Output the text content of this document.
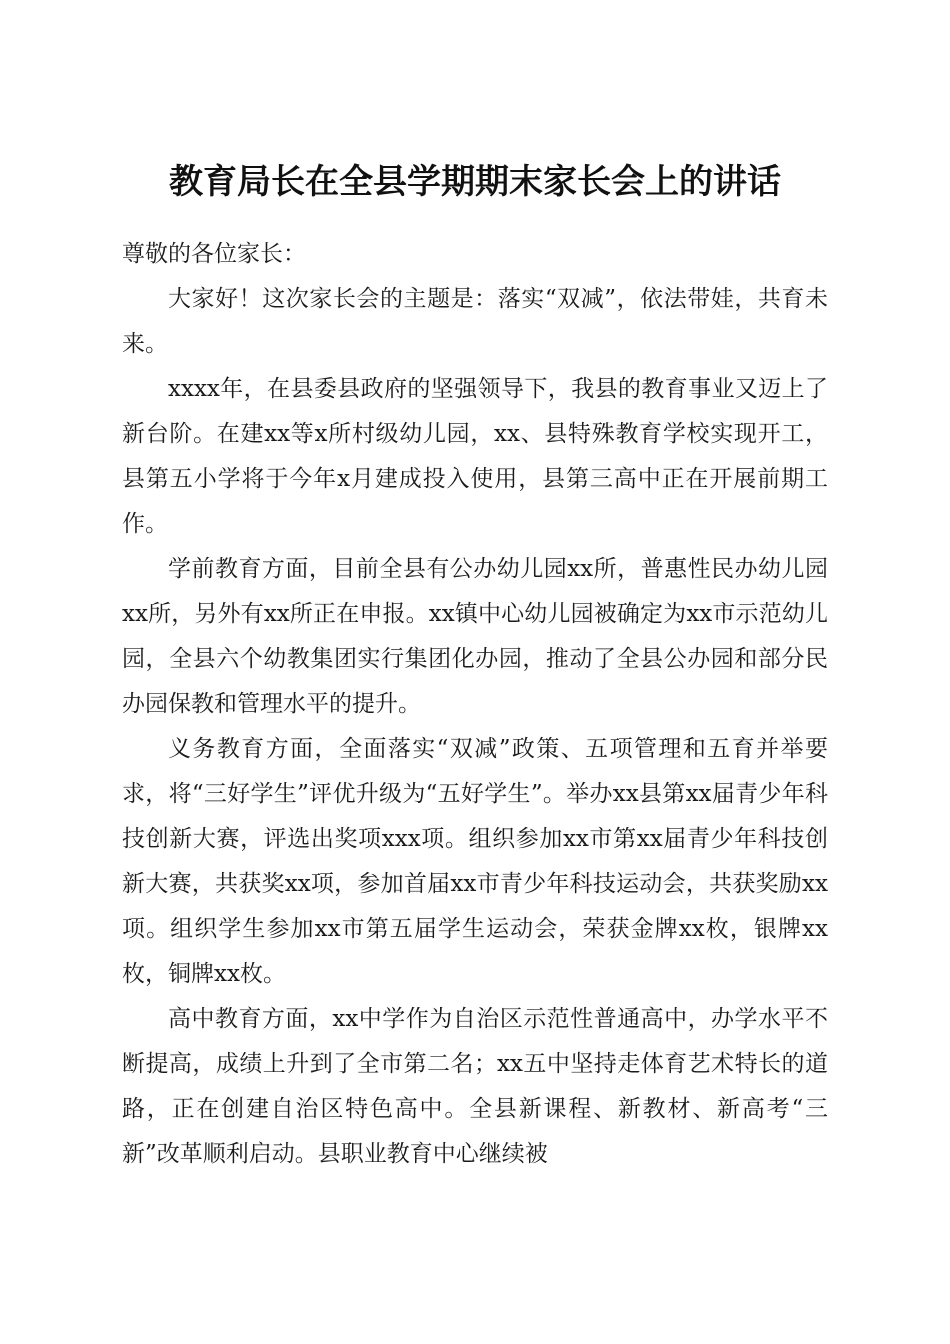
教育局长在全县学期期末家长会上的讲话

尊敬的各位家长：

大家好！这次家长会的主题是：落实“双减”，依法带娃，共育未来。

xxxx年，在县委县政府的坚强领导下，我县的教育事业又迈上了新台阶。在建xx等x所村级幼儿园，xx、县特殊教育学校实现开工，县第五小学将于今年x月建成投入使用，县第三高中正在开展前期工作。

学前教育方面，目前全县有公办幼儿园xx所，普惠性民办幼儿园xx所，另外有xx所正在申报。xx镇中心幼儿园被确定为xx市示范幼儿园，全县六个幼教集团实行集团化办园，推动了全县公办园和部分民办园保教和管理水平的提升。

义务教育方面，全面落实“双减”政策、五项管理和五育并举要求，将“三好学生”评优升级为“五好学生”。举办xx县第xx届青少年科技创新大赛，评选出奖项xxx项。组织参加xx市第xx届青少年科技创新大赛，共获奖xx项，参加首届xx市青少年科技运动会，共获奖励xx项。组织学生参加xx市第五届学生运动会，荣获金牌xx枚，银牌xx枚，铜牌xx枚。

高中教育方面，xx中学作为自治区示范性普通高中，办学水平不断提高，成绩上升到了全市第二名；xx五中坚持走体育艺术特长的道路，正在创建自治区特色高中。全县新课程、新教材、新高考“三新”改革顺利启动。县职业教育中心继续被
